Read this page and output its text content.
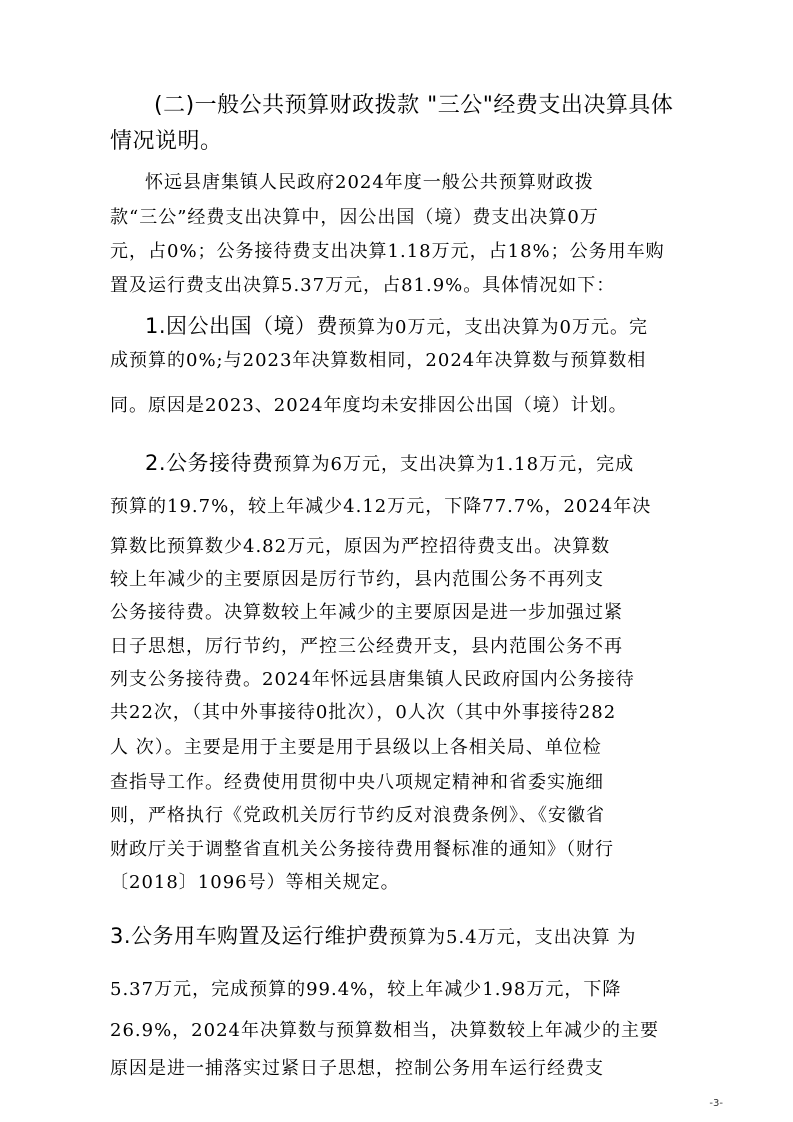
(二)一般公共预算财政拨款 "三公"经费支出决算具体
情况说明。
怀远县唐集镇人民政府2024年度一般公共预算财政拨
款“三公”经费支出决算中，因公出国（境）费支出决算0万
元，占0%；公务接待费支出决算1.18万元，占18%；公务用车购
置及运行费支出决算5.37万元，占81.9%。具体情况如下：
1.因公出国（境）费预算为0万元，支出决算为0万元。完
成预算的0%;与2023年决算数相同，2024年决算数与预算数相
同。原因是2023、2024年度均未安排因公出国（境）计划。
2.公务接待费预算为6万元，支出决算为1.18万元，完成
预算的19.7%，较上年减少4.12万元，下降77.7%，2024年决
算数比预算数少4.82万元，原因为严控招待费支出。决算数
较上年减少的主要原因是厉行节约，县内范围公务不再列支
公务接待费。决算数较上年减少的主要原因是进一步加强过紧
日子思想，厉行节约，严控三公经费开支，县内范围公务不再
列支公务接待费。2024年怀远县唐集镇人民政府国内公务接待
共22次，（其中外事接待0批次），0人次（其中外事接待282
人 次）。主要是用于主要是用于县级以上各相关局、单位检
查指导工作。经费使用贯彻中央八项规定精神和省委实施细
则，严格执行《党政机关厉行节约反对浪费条例》、《安徽省
财政厅关于调整省直机关公务接待费用餐标准的通知》（财行
〔2018〕1096号）等相关规定。
3.公务用车购置及运行维护费预算为5.4万元，支出决算 为
5.37万元，完成预算的99.4%，较上年减少1.98万元，下降
26.9%，2024年决算数与预算数相当，决算数较上年减少的主要
原因是进一捕落实过紧日子思想，控制公务用车运行经费支
-3-
